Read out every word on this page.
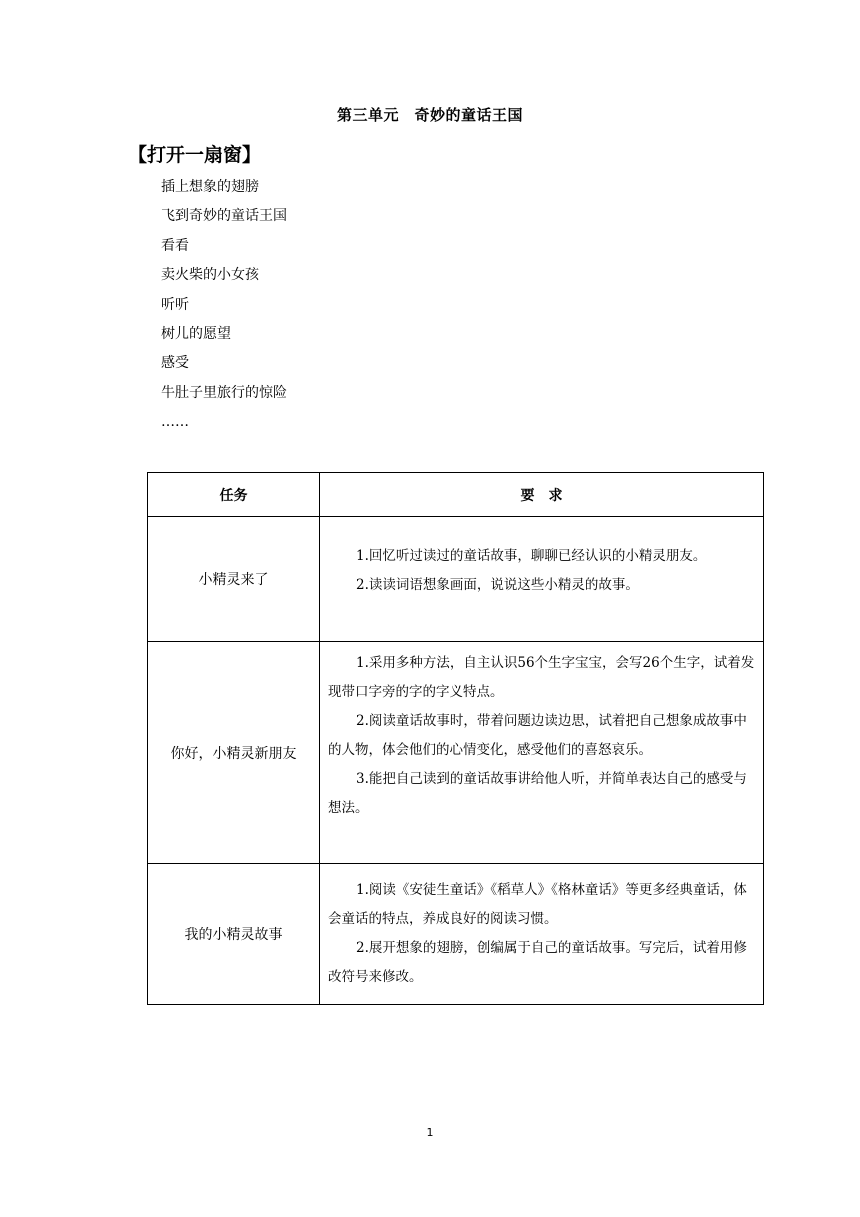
第三单元　奇妙的童话王国
【打开一扇窗】
插上想象的翅膀
飞到奇妙的童话王国
看看
卖火柴的小女孩
听听
树儿的愿望
感受
牛肚子里旅行的惊险
……
任务	要　求
小精灵来了	1.回忆听过读过的童话故事，聊聊已经认识的小精灵朋友。

2.读读词语想象画面，说说这些小精灵的故事。

你好，小精灵新朋友	1.采用多种方法，自主认识56个生字宝宝，会写26个生字，试着发现带口字旁的字的字义特点。

2.阅读童话故事时，带着问题边读边思，试着把自己想象成故事中的人物，体会他们的心情变化，感受他们的喜怒哀乐。

3.能把自己读到的童话故事讲给他人听，并简单表达自己的感受与想法。

我的小精灵故事	1.阅读《安徒生童话》《稻草人》《格林童话》等更多经典童话，体会童话的特点，养成良好的阅读习惯。

2.展开想象的翅膀，创编属于自己的童话故事。写完后，试着用修改符号来修改。

1
